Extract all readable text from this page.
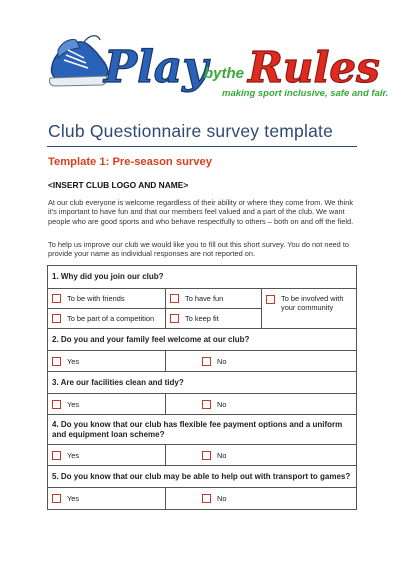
Play
bythe Rules
making sport inclusive, safe and fair.
Club Questionnaire survey template
Template 1: Pre-season survey
<INSERT CLUB LOGO AND NAME>
At our club everyone is welcome regardless of their ability or where they come from. We think it's important to have fun and that our members feel valued and a part of the club. We want people who are good sports and who behave respectfully to others – both on and off the field.
To help us improve our club we would like you to fill out this short survey. You do not need to provide your name as individual responses are not reported on.
1. Why did you join our club?		

To be with friends	To have fun	To be involved with your community

To be part of a competition	To keep fit	

2. Do you and your family feel welcome at our club?		

Yes	No	

3. Are our facilities clean and tidy?		

Yes	No	

4. Do you know that our club has flexible fee payment options and a uniform and equipment loan scheme?		

Yes	No	

5. Do you know that our club may be able to help out with transport to games?		

Yes	No	
